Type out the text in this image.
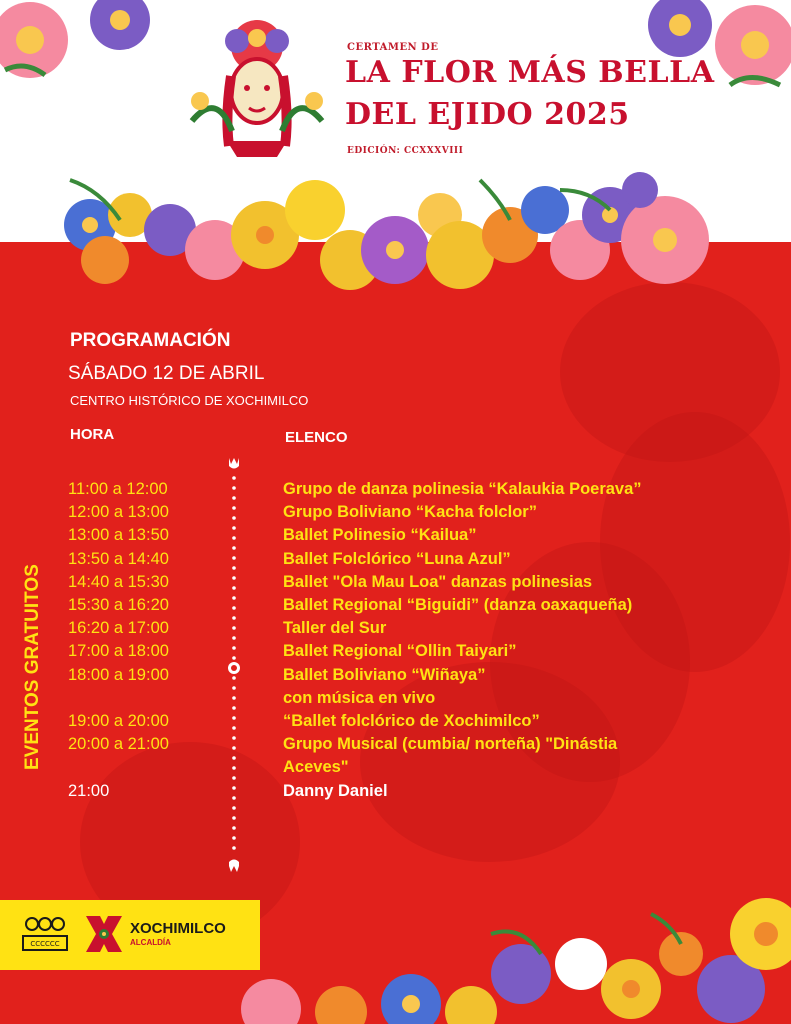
CERTAMEN DE
LA FLOR MÁS BELLA
DEL EJIDO 2025
EDICIÓN: CCXXXVIII
PROGRAMACIÓN
SÁBADO 12 DE ABRIL
CENTRO HISTÓRICO DE XOCHIMILCO
HORA	ELENCO
EVENTOS GRATUITOS
11:00 a 12:00	Grupo de danza polinesia “Kalaukia Poerava”
12:00 a 13:00	Grupo Boliviano “Kacha folclor”
13:00 a 13:50	Ballet Polinesio “Kailua”
13:50 a 14:40	Ballet Folclórico “Luna Azul”
14:40 a 15:30	Ballet "Ola Mau Loa" danzas polinesias
15:30 a 16:20	Ballet Regional “Biguidi” (danza oaxaqueña)
16:20 a 17:00	Taller del Sur
17:00 a 18:00	Ballet Regional “Ollin Taiyari”
18:00 a 19:00	Ballet Boliviano “Wiñaya”
con música en vivo
19:00 a 20:00	“Ballet folclórico de Xochimilco”
20:00 a 21:00	Grupo Musical (cumbia/ norteña) "Dinástia
Aceves"
21:00	Danny Daniel
CCCCCC
XOCHIMILCO
ALCALDÍA
